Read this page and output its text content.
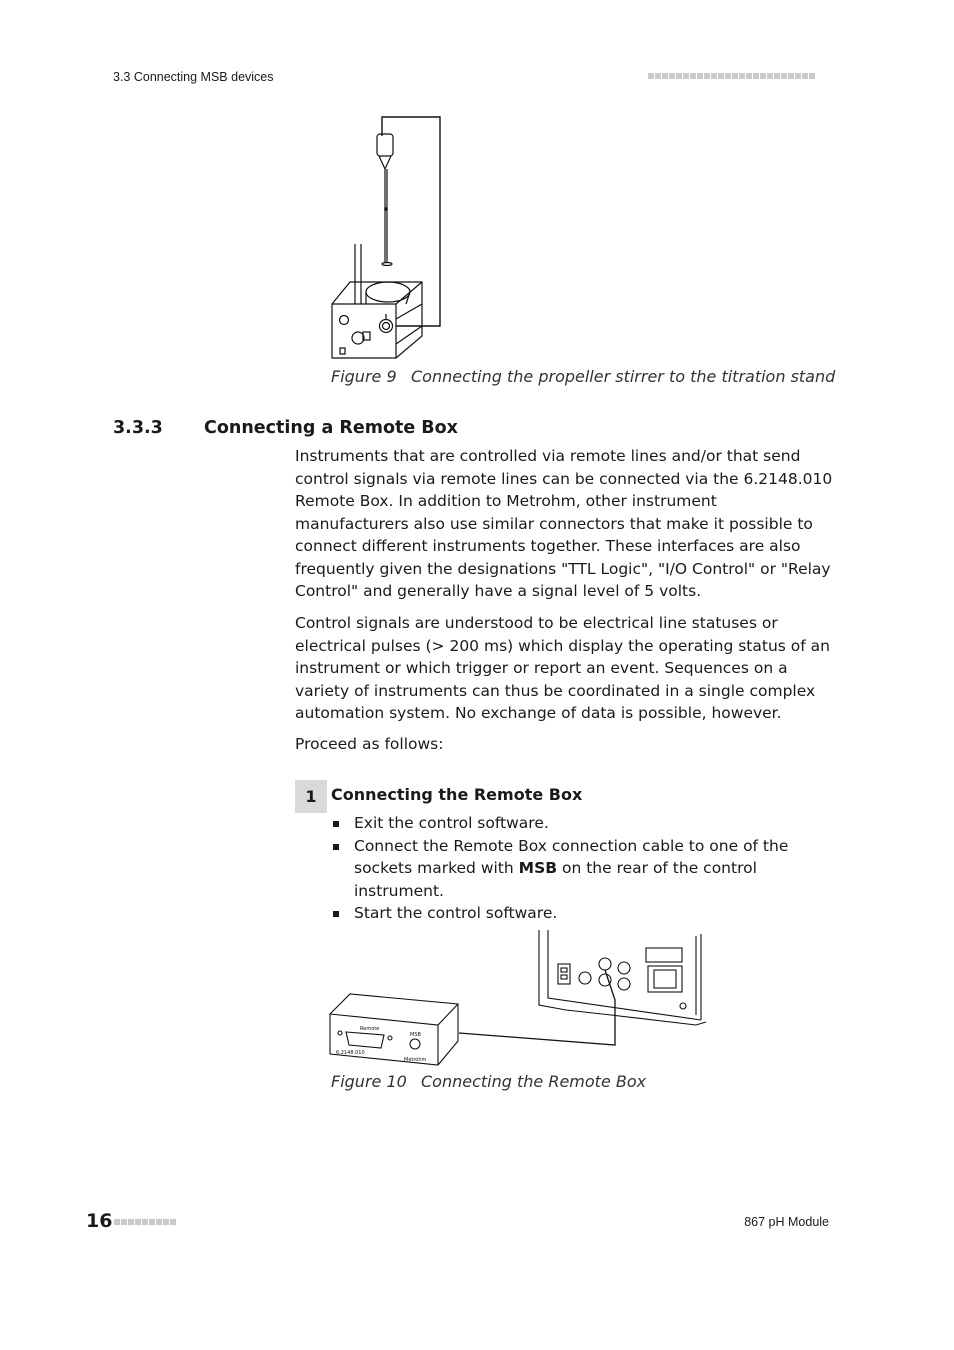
3.3 Connecting MSB devices
Figure 9 Connecting the propeller stirrer to the titration stand
3.3.3 Connecting a Remote Box
Instruments that are controlled via remote lines and/or that send control signals via remote lines can be connected via the 6.2148.010 Remote Box. In addition to Metrohm, other instrument manufacturers also use similar connectors that make it possible to connect different instruments together. These interfaces are also frequently given the designations "TTL Logic", "I/O Control" or "Relay Control" and generally have a signal level of 5 volts.
Control signals are understood to be electrical line statuses or electrical pulses (> 200 ms) which display the operating status of an instrument or which trigger or report an event. Sequences on a variety of instruments can thus be coordinated in a single complex automation system. No exchange of data is possible, however.
Proceed as follows:
1 Connecting the Remote Box
Exit the control software.
Connect the Remote Box connection cable to one of the sockets marked with MSB on the rear of the control instrument.
Start the control software.
Remote
MSB
6.2148.010
Metrohm
Figure 10 Connecting the Remote Box
16	867 pH Module
